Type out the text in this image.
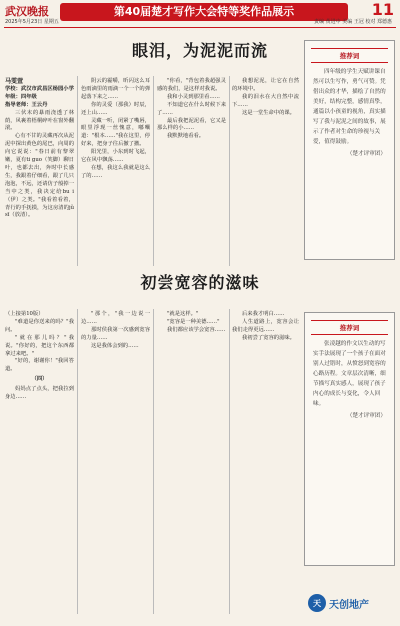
武汉晚报
2025年5月23日 星期五
第40届楚才写作大会特等奖作品展示	11
责编 黄进中 美编 王冠 校对 郑德惠
眼泪，为泥泥而流

马雯萱

学校：武汉市武昌区杨园小学

年级：四年级

指导老师：王云丹

三伏末的暴雨浇透了林荫，风裹着梧桐碎叶在窗外翻滚。

心有不甘的灵藏再次从泥泥中探出黄色的尾巴，向周的向它说说："春日前有黎翠嫩，夏有ti guo（笑脚）聊日叶，也都去出，奔时中长感生，我跟着仔细看，跟了几只泡泡，不远，还请仿子般掉一当中之类，我决定给bu i（伊）之类。"我看着看着，青行的手抚摸，为这房清的jǔ sī（放清）。

阴云的霾嚼，昕闪这么耳色雨滴里的雨滴一个一个的弹起落下来之……

你的灵爱（那我）时辰，还上山……

灵藏一听，闭紧了嘴唇，眼里浮现一丝愧意，嘟囔道："根本……"我在这里，停好来，把身子往后撤了撤。

阳光里，小东到时飞起，它在风中飘荡……

在想，我这么我就是这么了的……

"你看，"背包着我超强灵感的我们，是这样对我说。

我和小灵到那里看……

不知道它在什么时候下来了……

最后我把泥泥看，它又是那么样的小……

我默默地看看。

我想泥泥，让它在自然的环境中。

我的泪水在大自然中流下……

这是一堂生命中的课。

推荐词

四年级的学生天赋讲课自然可以生写作，勇气可赞。凭借出众的才华，描绘了自然的美好，结构完整，感情真挚，通篇以小孩童的视角，真实描写了我与泥泥之间的故事，展示了作者对生命的珍视与关爱，值得鼓励。

（楚才评审团）
初尝宽容的滋味

（上接第10版）

"难道是你送来的吗？"我问。

"就在那儿吗？"我说。"你好的，把这个东西都拿过来吧。"

"好的，谢谢你！"我回答道。

（四）

妈妈点了点头，把我拉到身边……

"那个，"我一边说一边……

那时侯我第一次感到宽容的力量……

这是我体会到的……

"就是这样。"

"宽容是一种美德……"

我们都应该学会宽容……

后来我才明白……

人生道路上，宽容会让我们走得更远……

我初尝了宽容的滋味。

推荐词

张凌越的作文以生动的写实手法展现了一个孩子在面对别人过错时，从愤怒到宽容的心路历程。文章层次清晰，细节描写真实感人，展现了孩子内心的成长与变化，令人回味。

（楚才评审团）
天 天创地产
